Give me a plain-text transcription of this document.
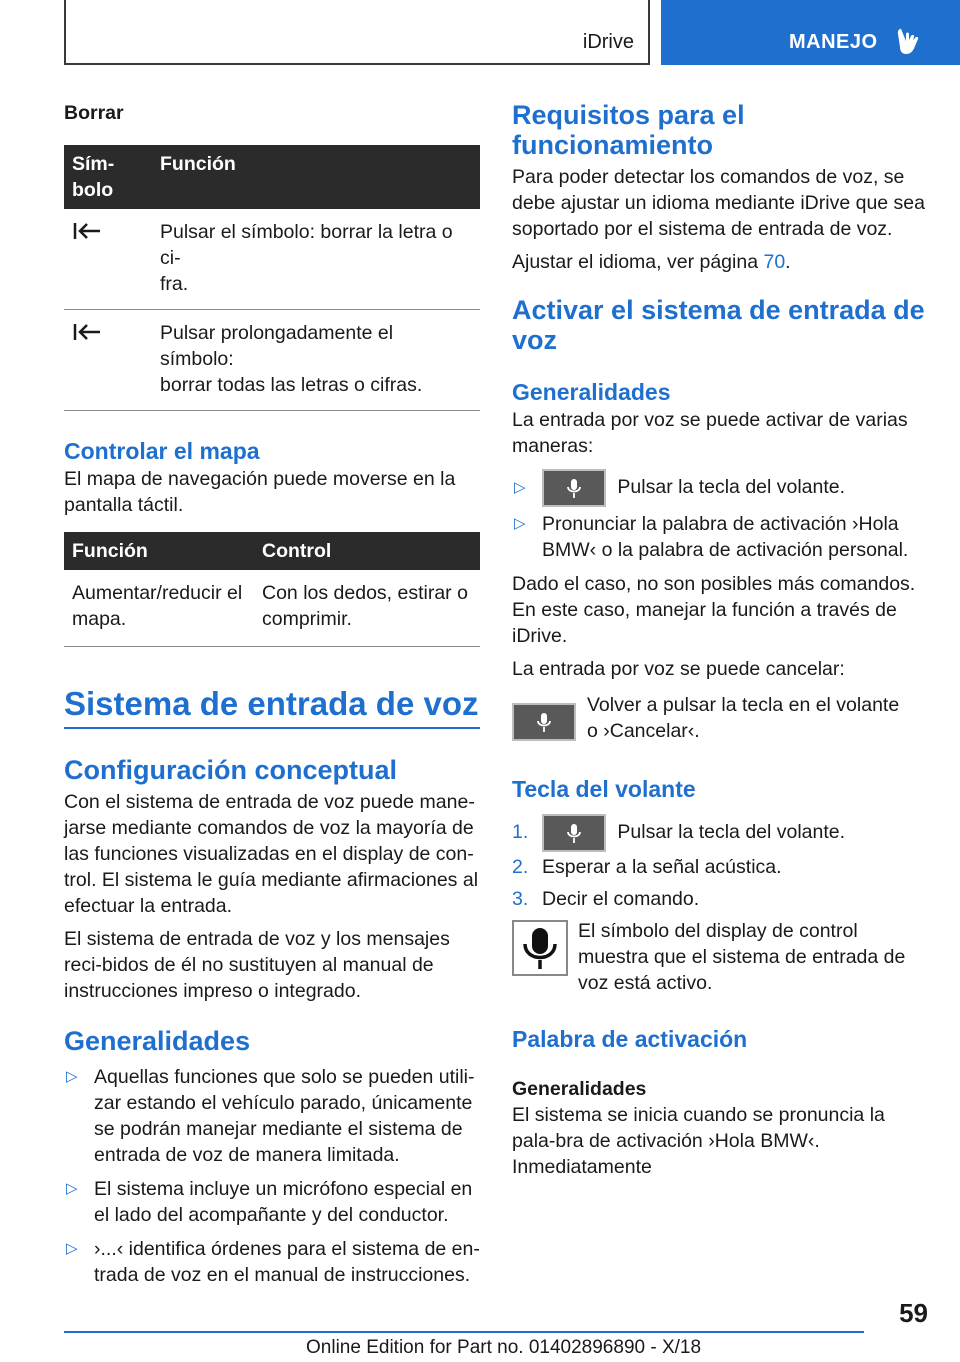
iDrive	MANEJO
Borrar
Sím-
bolo	Función
	Pulsar el símbolo: borrar la letra o ci-
fra.
	Pulsar prolongadamente el símbolo:
borrar todas las letras o cifras.
Controlar el mapa

El mapa de navegación puede moverse en la pantalla táctil.

Función	Control
Aumentar/reducir el mapa.	Con los dedos, estirar o comprimir.
Sistema de entrada de voz
Configuración conceptual

Con el sistema de entrada de voz puede mane-jarse mediante comandos de voz la mayoría de las funciones visualizadas en el display de con-trol. El sistema le guía mediante afirmaciones al efectuar la entrada.

El sistema de entrada de voz y los mensajes reci-bidos de él no sustituyen al manual de instrucciones impreso o integrado.

Generalidades
▷ Aquellas funciones que solo se pueden utili-zar estando el vehículo parado, únicamente se podrán manejar mediante el sistema de entrada de voz de manera limitada.
▷ El sistema incluye un micrófono especial en el lado del acompañante y del conductor.
▷ ›...‹ identifica órdenes para el sistema de en-trada de voz en el manual de instrucciones.
Requisitos para el funcionamiento

Para poder detectar los comandos de voz, se debe ajustar un idioma mediante iDrive que sea soportado por el sistema de entrada de voz.

Ajustar el idioma, ver página 70.

Activar el sistema de entrada de voz
Generalidades

La entrada por voz se puede activar de varias maneras:

▷	Pulsar la tecla del volante.
▷ Pronunciar la palabra de activación ›Hola BMW‹ o la palabra de activación personal.

Dado el caso, no son posibles más comandos. En este caso, manejar la función a través de iDrive.

La entrada por voz se puede cancelar:

Volver a pulsar la tecla en el volante o ›Cancelar‹.
Tecla del volante
1.	Pulsar la tecla del volante.
2. Esperar a la señal acústica.
3. Decir el comando.
El símbolo del display de control muestra que el sistema de entrada de voz está activo.
Palabra de activación
Generalidades

El sistema se inicia cuando se pronuncia la pala-bra de activación ›Hola BMW‹. Inmediatamente

59
Online Edition for Part no. 01402896890 - X/18
